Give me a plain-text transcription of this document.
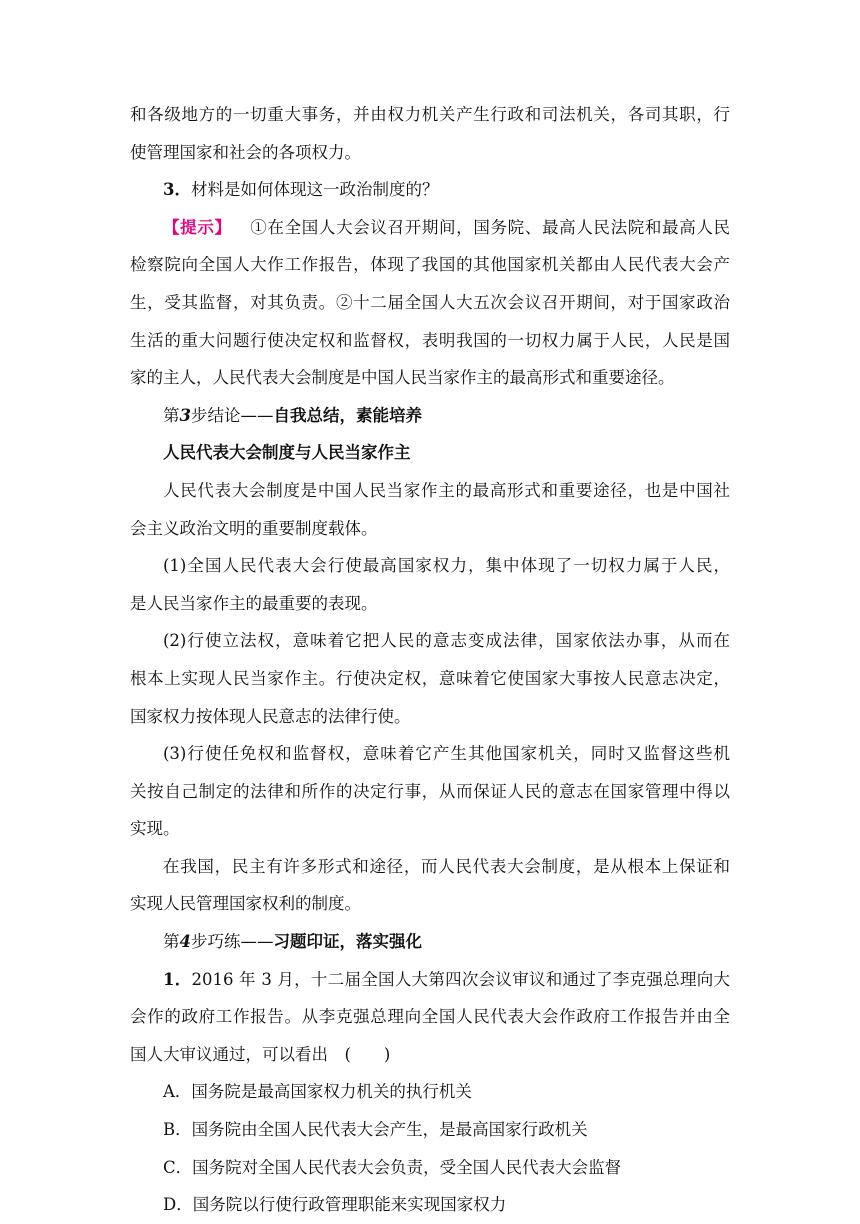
和各级地方的一切重大事务，并由权力机关产生行政和司法机关，各司其职，行
使管理国家和社会的各项权力。
3．材料是如何体现这一政治制度的？
【提示】 ①在全国人大会议召开期间，国务院、最高人民法院和最高人民
检察院向全国人大作工作报告，体现了我国的其他国家机关都由人民代表大会产
生，受其监督，对其负责。②十二届全国人大五次会议召开期间，对于国家政治
生活的重大问题行使决定权和监督权，表明我国的一切权力属于人民，人民是国
家的主人，人民代表大会制度是中国人民当家作主的最高形式和重要途径。
第3步结论——自我总结，素能培养
人民代表大会制度与人民当家作主
人民代表大会制度是中国人民当家作主的最高形式和重要途径，也是中国社
会主义政治文明的重要制度载体。
(1)全国人民代表大会行使最高国家权力，集中体现了一切权力属于人民，
是人民当家作主的最重要的表现。
(2)行使立法权，意味着它把人民的意志变成法律，国家依法办事，从而在
根本上实现人民当家作主。行使决定权，意味着它使国家大事按人民意志决定，
国家权力按体现人民意志的法律行使。
(3)行使任免权和监督权，意味着它产生其他国家机关，同时又监督这些机
关按自己制定的法律和所作的决定行事，从而保证人民的意志在国家管理中得以
实现。
在我国，民主有许多形式和途径，而人民代表大会制度，是从根本上保证和
实现人民管理国家权利的制度。
第4步巧练——习题印证，落实强化
1．2016 年 3 月，十二届全国人大第四次会议审议和通过了李克强总理向大
会作的政府工作报告。从李克强总理向全国人民代表大会作政府工作报告并由全
国人大审议通过，可以看出　(　　)
A．国务院是最高国家权力机关的执行机关
B．国务院由全国人民代表大会产生，是最高国家行政机关
C．国务院对全国人民代表大会负责，受全国人民代表大会监督
D．国务院以行使行政管理职能来实现国家权力
